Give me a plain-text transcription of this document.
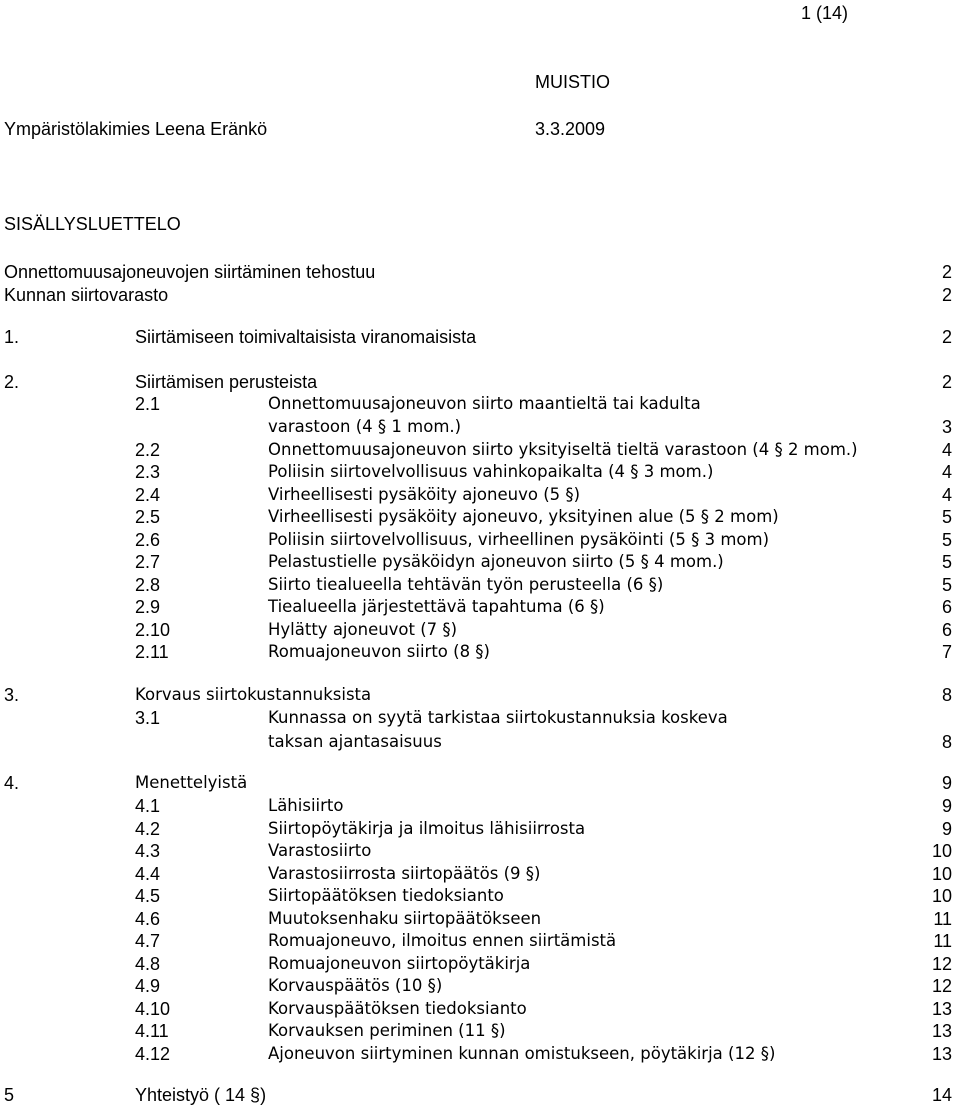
1 (14)
MUISTIO
Ympäristölakimies Leena Eränkö	3.3.2009
SISÄLLYSLUETTELO
Onnettomuusajoneuvojen siirtäminen tehostuu	2
Kunnan siirtovarasto	2
1.	Siirtämiseen toimivaltaisista viranomaisista	2
2.	Siirtämisen perusteista	2
2.1	Onnettomuusajoneuvon siirto maantieltä tai kadulta
varastoon (4 § 1 mom.)	3
2.2	Onnettomuusajoneuvon siirto yksityiseltä tieltä varastoon (4 § 2 mom.)	4
2.3	Poliisin siirtovelvollisuus vahinkopaikalta (4 § 3 mom.)	4
2.4	Virheellisesti pysäköity ajoneuvo (5 §)	4
2.5	Virheellisesti pysäköity ajoneuvo, yksityinen alue (5 § 2 mom)	5
2.6	Poliisin siirtovelvollisuus, virheellinen pysäköinti (5 § 3 mom)	5
2.7	Pelastustielle pysäköidyn ajoneuvon siirto (5 § 4 mom.)	5
2.8	Siirto tiealueella tehtävän työn perusteella (6 §)	5
2.9	Tiealueella järjestettävä tapahtuma (6 §)	6
2.10	Hylätty ajoneuvot (7 §)	6
2.11	Romuajoneuvon siirto (8 §)	7
3.	Korvaus siirtokustannuksista	8
3.1	Kunnassa on syytä tarkistaa siirtokustannuksia koskeva
taksan ajantasaisuus	8
4.	Menettelyistä	9
4.1	Lähisiirto	9
4.2	Siirtopöytäkirja ja ilmoitus lähisiirrosta	9
4.3	Varastosiirto	10
4.4	Varastosiirrosta siirtopäätös (9 §)	10
4.5	Siirtopäätöksen tiedoksianto	10
4.6	Muutoksenhaku siirtopäätökseen	11
4.7	Romuajoneuvo, ilmoitus ennen siirtämistä	11
4.8	Romuajoneuvon siirtopöytäkirja	12
4.9	Korvauspäätös (10 §)	12
4.10	Korvauspäätöksen tiedoksianto	13
4.11	Korvauksen periminen (11 §)	13
4.12	Ajoneuvon siirtyminen kunnan omistukseen, pöytäkirja (12 §)	13
5	Yhteistyö ( 14 §)	14
